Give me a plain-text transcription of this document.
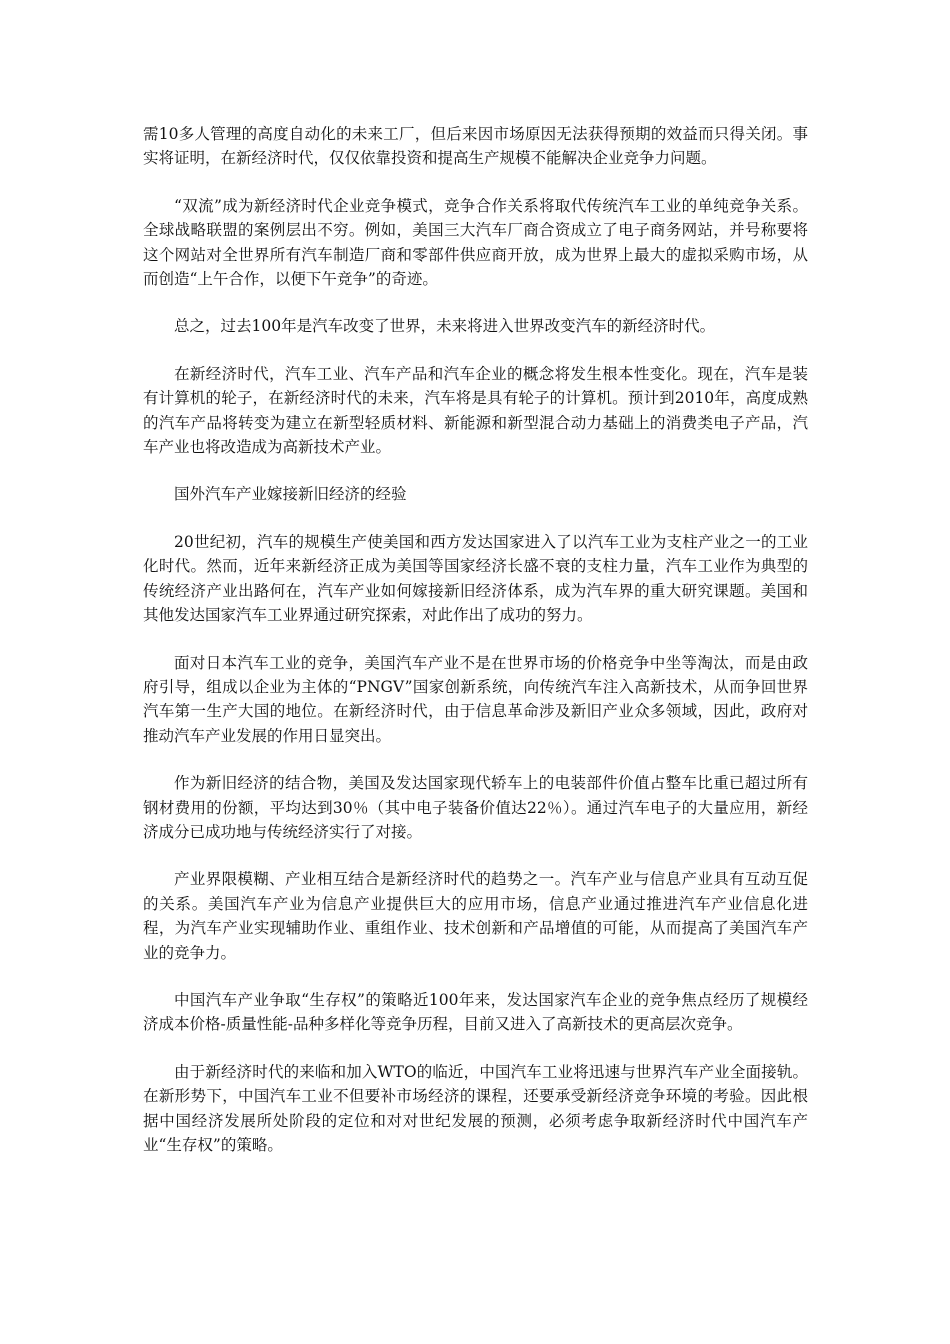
需10多人管理的高度自动化的未来工厂，但后来因市场原因无法获得预期的效益而只得关闭。事实将证明，在新经济时代，仅仅依靠投资和提高生产规模不能解决企业竞争力问题。

“双流”成为新经济时代企业竞争模式，竞争合作关系将取代传统汽车工业的单纯竞争关系。全球战略联盟的案例层出不穷。例如，美国三大汽车厂商合资成立了电子商务网站，并号称要将这个网站对全世界所有汽车制造厂商和零部件供应商开放，成为世界上最大的虚拟采购市场，从而创造“上午合作，以便下午竞争”的奇迹。

总之，过去100年是汽车改变了世界，未来将进入世界改变汽车的新经济时代。

在新经济时代，汽车工业、汽车产品和汽车企业的概念将发生根本性变化。现在，汽车是装有计算机的轮子，在新经济时代的未来，汽车将是具有轮子的计算机。预计到2010年，高度成熟的汽车产品将转变为建立在新型轻质材料、新能源和新型混合动力基础上的消费类电子产品，汽车产业也将改造成为高新技术产业。

国外汽车产业嫁接新旧经济的经验

20世纪初，汽车的规模生产使美国和西方发达国家进入了以汽车工业为支柱产业之一的工业化时代。然而，近年来新经济正成为美国等国家经济长盛不衰的支柱力量，汽车工业作为典型的传统经济产业出路何在，汽车产业如何嫁接新旧经济体系，成为汽车界的重大研究课题。美国和其他发达国家汽车工业界通过研究探索，对此作出了成功的努力。

面对日本汽车工业的竞争，美国汽车产业不是在世界市场的价格竞争中坐等淘汰，而是由政府引导，组成以企业为主体的“PNGV”国家创新系统，向传统汽车注入高新技术，从而争回世界汽车第一生产大国的地位。在新经济时代，由于信息革命涉及新旧产业众多领域，因此，政府对推动汽车产业发展的作用日显突出。

作为新旧经济的结合物，美国及发达国家现代轿车上的电装部件价值占整车比重已超过所有钢材费用的份额，平均达到30％（其中电子装备价值达22％）。通过汽车电子的大量应用，新经济成分已成功地与传统经济实行了对接。

产业界限模糊、产业相互结合是新经济时代的趋势之一。汽车产业与信息产业具有互动互促的关系。美国汽车产业为信息产业提供巨大的应用市场，信息产业通过推进汽车产业信息化进程，为汽车产业实现辅助作业、重组作业、技术创新和产品增值的可能，从而提高了美国汽车产业的竞争力。

中国汽车产业争取“生存权”的策略近100年来，发达国家汽车企业的竞争焦点经历了规模经济成本价格-质量性能-品种多样化等竞争历程，目前又进入了高新技术的更高层次竞争。

由于新经济时代的来临和加入WTO的临近，中国汽车工业将迅速与世界汽车产业全面接轨。在新形势下，中国汽车工业不但要补市场经济的课程，还要承受新经济竞争环境的考验。因此根据中国经济发展所处阶段的定位和对对世纪发展的预测，必须考虑争取新经济时代中国汽车产业“生存权”的策略。
